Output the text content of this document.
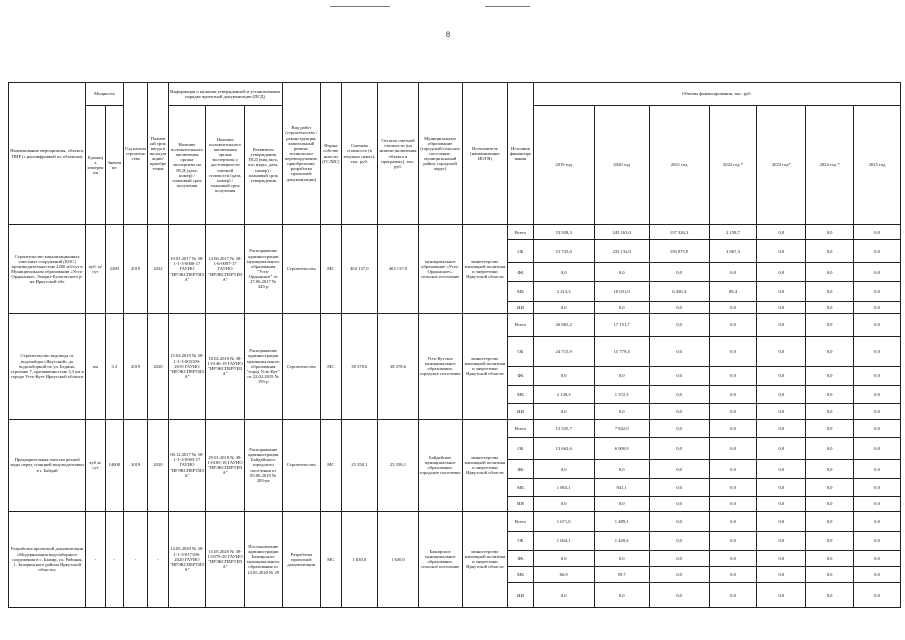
8
Наименование мероприятия, объекта, ПИР (с расшифровкой по объектам)	Мощность		Год начала строительства	Плановый срок ввода в эксплуатацию/приобретения	Информация о наличии утвержденной и установленном порядке проектной документации (ПСД)			Вид работ (строительство / реконструкция, капитальный ремонт, техническое перевооружение, приобретение, разработка проектной документации)	Форма собственности (ГС/МС)	Сметная стоимость (в текущих ценах), тыс. руб.	Остаток сметной стоимости (на момент включения объекта в программу), тыс. руб.	Муниципальное образование (городской/сельское поселение, муниципальный район, городской округ)	Исполнитель (наименование ИОГВ)	Источник финансирования	Объемы финансирования, тыс. руб.						
	Единица измерения	Значение			Наличие положительного заключения органа экспертизы на ПСД (дата, номер) / плановый срок получения	Наличие положительного заключения органа экспертизы о достоверности сметной стоимости (дата, номер) / плановый срок получения	Реквизиты утверждения ПСД (вид акта, кто издал, дата, номер) / плановый срок утверждения								2019 год	2020 год	2021 год	2022 год *	2023 год*	2024 год *	2025 год

Строительство канализационных очистных сооружений (КОС) производительностью 2200 м3/сут в Муниципальном образовании «Усть-Ордынское» Эхирит-Булагатского р-на Иркутской обл	куб. м/сут	2200	2019	2022	19.01.2017 № 38-1-1-3-0006-17 ГАУИО "ИРЭКСПЕРТИЗА"	14.06.2017 № 38-1-6-0097-17 ГАУИО "ИРЭКСПЕРТИЗА"	Распоряжение администрации муниципального образования "Усть-Ордынское" от 27.06.2017 № 345-р	Строительство	МС	463 137,0	463 137,0	муниципальное образование «Усть-Ордынское», сельское поселение	министерство жилищной политики и энергетики Иркутской области	Всего	53 928,3	245 163,0	157 326,3	2 158,7	0,0	0,0	0,0
														ОБ	51 725,0	235 132,0	150 875,9	2 067,3	0,0	0,0	0,0
														ФБ	0,0	0,0	0,0	0,0	0,0	0,0	0,0
														МБ	2 213,3	10 031,0	6 450,4	88,4	0,0	0,0	0,0
														ИИ	0,0	0,0	0,0	0,0	0,0	0,0	0,0
Строительство водовода от водозабора «Якутский» до водозаборной по ул. Бедина, строение 7, протяженностью 3,3 км в городе Усть-Куте Иркутской области	км	3,3	2019	2020	15.02.2019 № 38-1-1-3-003109-2019 ГАУИО "ИРЭКСПЕРТИЗА"	18.02.2019 № 38-1-0146-19 ГАУИО "ИРЭКСПЕРТИЗА"	Распоряжение администрации муниципального образования "город Усть-Кут" от 22.02.2019 № 195-р	Строительство	МС	38 378,6	38 378,6	Усть-Кутское муниципальное образование, городское поселение	министерство жилищной политики и энергетики Иркутской области	Всего	26 865,2	17 151,7	0,0	0,0	0,0	0,0	0,0
														ОБ	24 715,9	15 779,4	0,0	0,0	0,0	0,0	0,0
														ФБ	0,0	0,0	0,0	0,0	0,0	0,0	0,0
														МБ	2 149,3	1 372,3	0,0	0,0	0,0	0,0	0,0
														ИИ	0,0	0,0	0,0	0,0	0,0	0,0	0,0
Предварительная очистка речной воды перед станцией водоподготовки в г. Байдай	куб м/сут	14000	2019	2020	08.12.2017 № 38-1-1-3-0003-17 ГАУИО "ИРЭКСПЕРТИЗА"	29.01.2018 № 38-1-0185-18 ГАУИО "ИРЭКСПЕРТИЗА"	Распоряжение администрации Байдайского городского поселения от 05.06.2018 № 283-ра	Строительство	МС	25 358,1	25 358,1	Байдайское муниципальное образование, городское поселение	министерство жилищной политики и энергетики Иркутской области	Всего	15 525,7	7 842,0	0,0	0,0	0,0	0,0	0,0
														ОБ	13 662,6	6 900,9	0,0	0,0	0,0	0,0	0,0
														ФБ	0,0	0,0	0,0	0,0	0,0	0,0	0,0
														МБ	1 863,1	941,1	0,0	0,0	0,0	0,0	0,0
														ИИ	0,0	0,0	0,0	0,0	0,0	0,0	0,0
Разработка проектной документации «Модернизация водозаборного сооружения в с. Бажир, ул. Рябиная, 1, Заларинского района Иркутской области»	-	-	-	-	14.05.2020 № 38-1-1-3-017108-2020 ГАУИО "ИРЭКСПЕРТИЗА"	15.05.2020 № 38-1-0579-20 ГАУИО "ИРЭКСПЕРТИЗА"	Постановление администрации Бажирского муниципального образования от 14.05.2020 № 29	Разработка проектной документации	МС	1 630,0	1 630,0	Бажирское муниципальное образование, сельское поселение	министерство жилищной политики и энергетики Иркутской области	Всего	1 671,0	1 489,1	0,0	0,0	0,0	0,0	0,0
														ОБ	1 604,1	1 429,4	0,0	0,0	0,0	0,0	0,0
														ФБ	0,0	0,0	0,0	0,0	0,0	0,0	0,0
														МБ	66,9	59,7	0,0	0,0	0,0	0,0	0,0
														ИИ	0,0	0,0	0,0	0,0	0,0	0,0	0,0
